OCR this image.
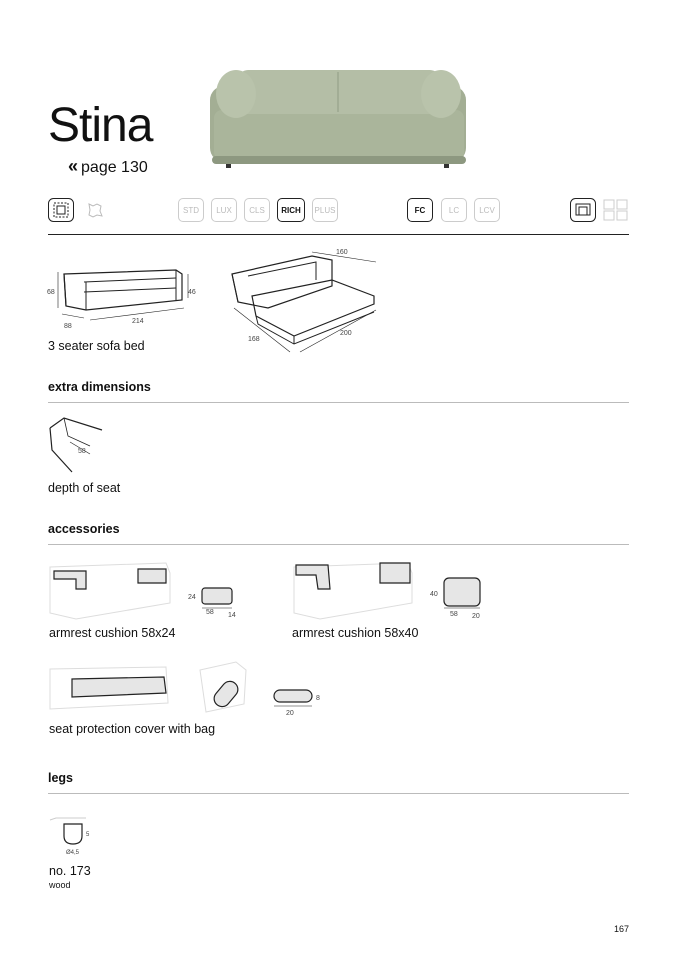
Stina
« page 130
STD	LUX	CLS	RICH	PLUS	FC	LC	LCV
68	46
88
214
160
200
168
3 seater sofa bed
extra dimensions
58
depth of seat
accessories
24
58 14
armrest cushion 58x24
40
58 20
armrest cushion 58x40
20
8
seat protection cover with bag
legs
5
Ø4,5
no. 173
wood
167
